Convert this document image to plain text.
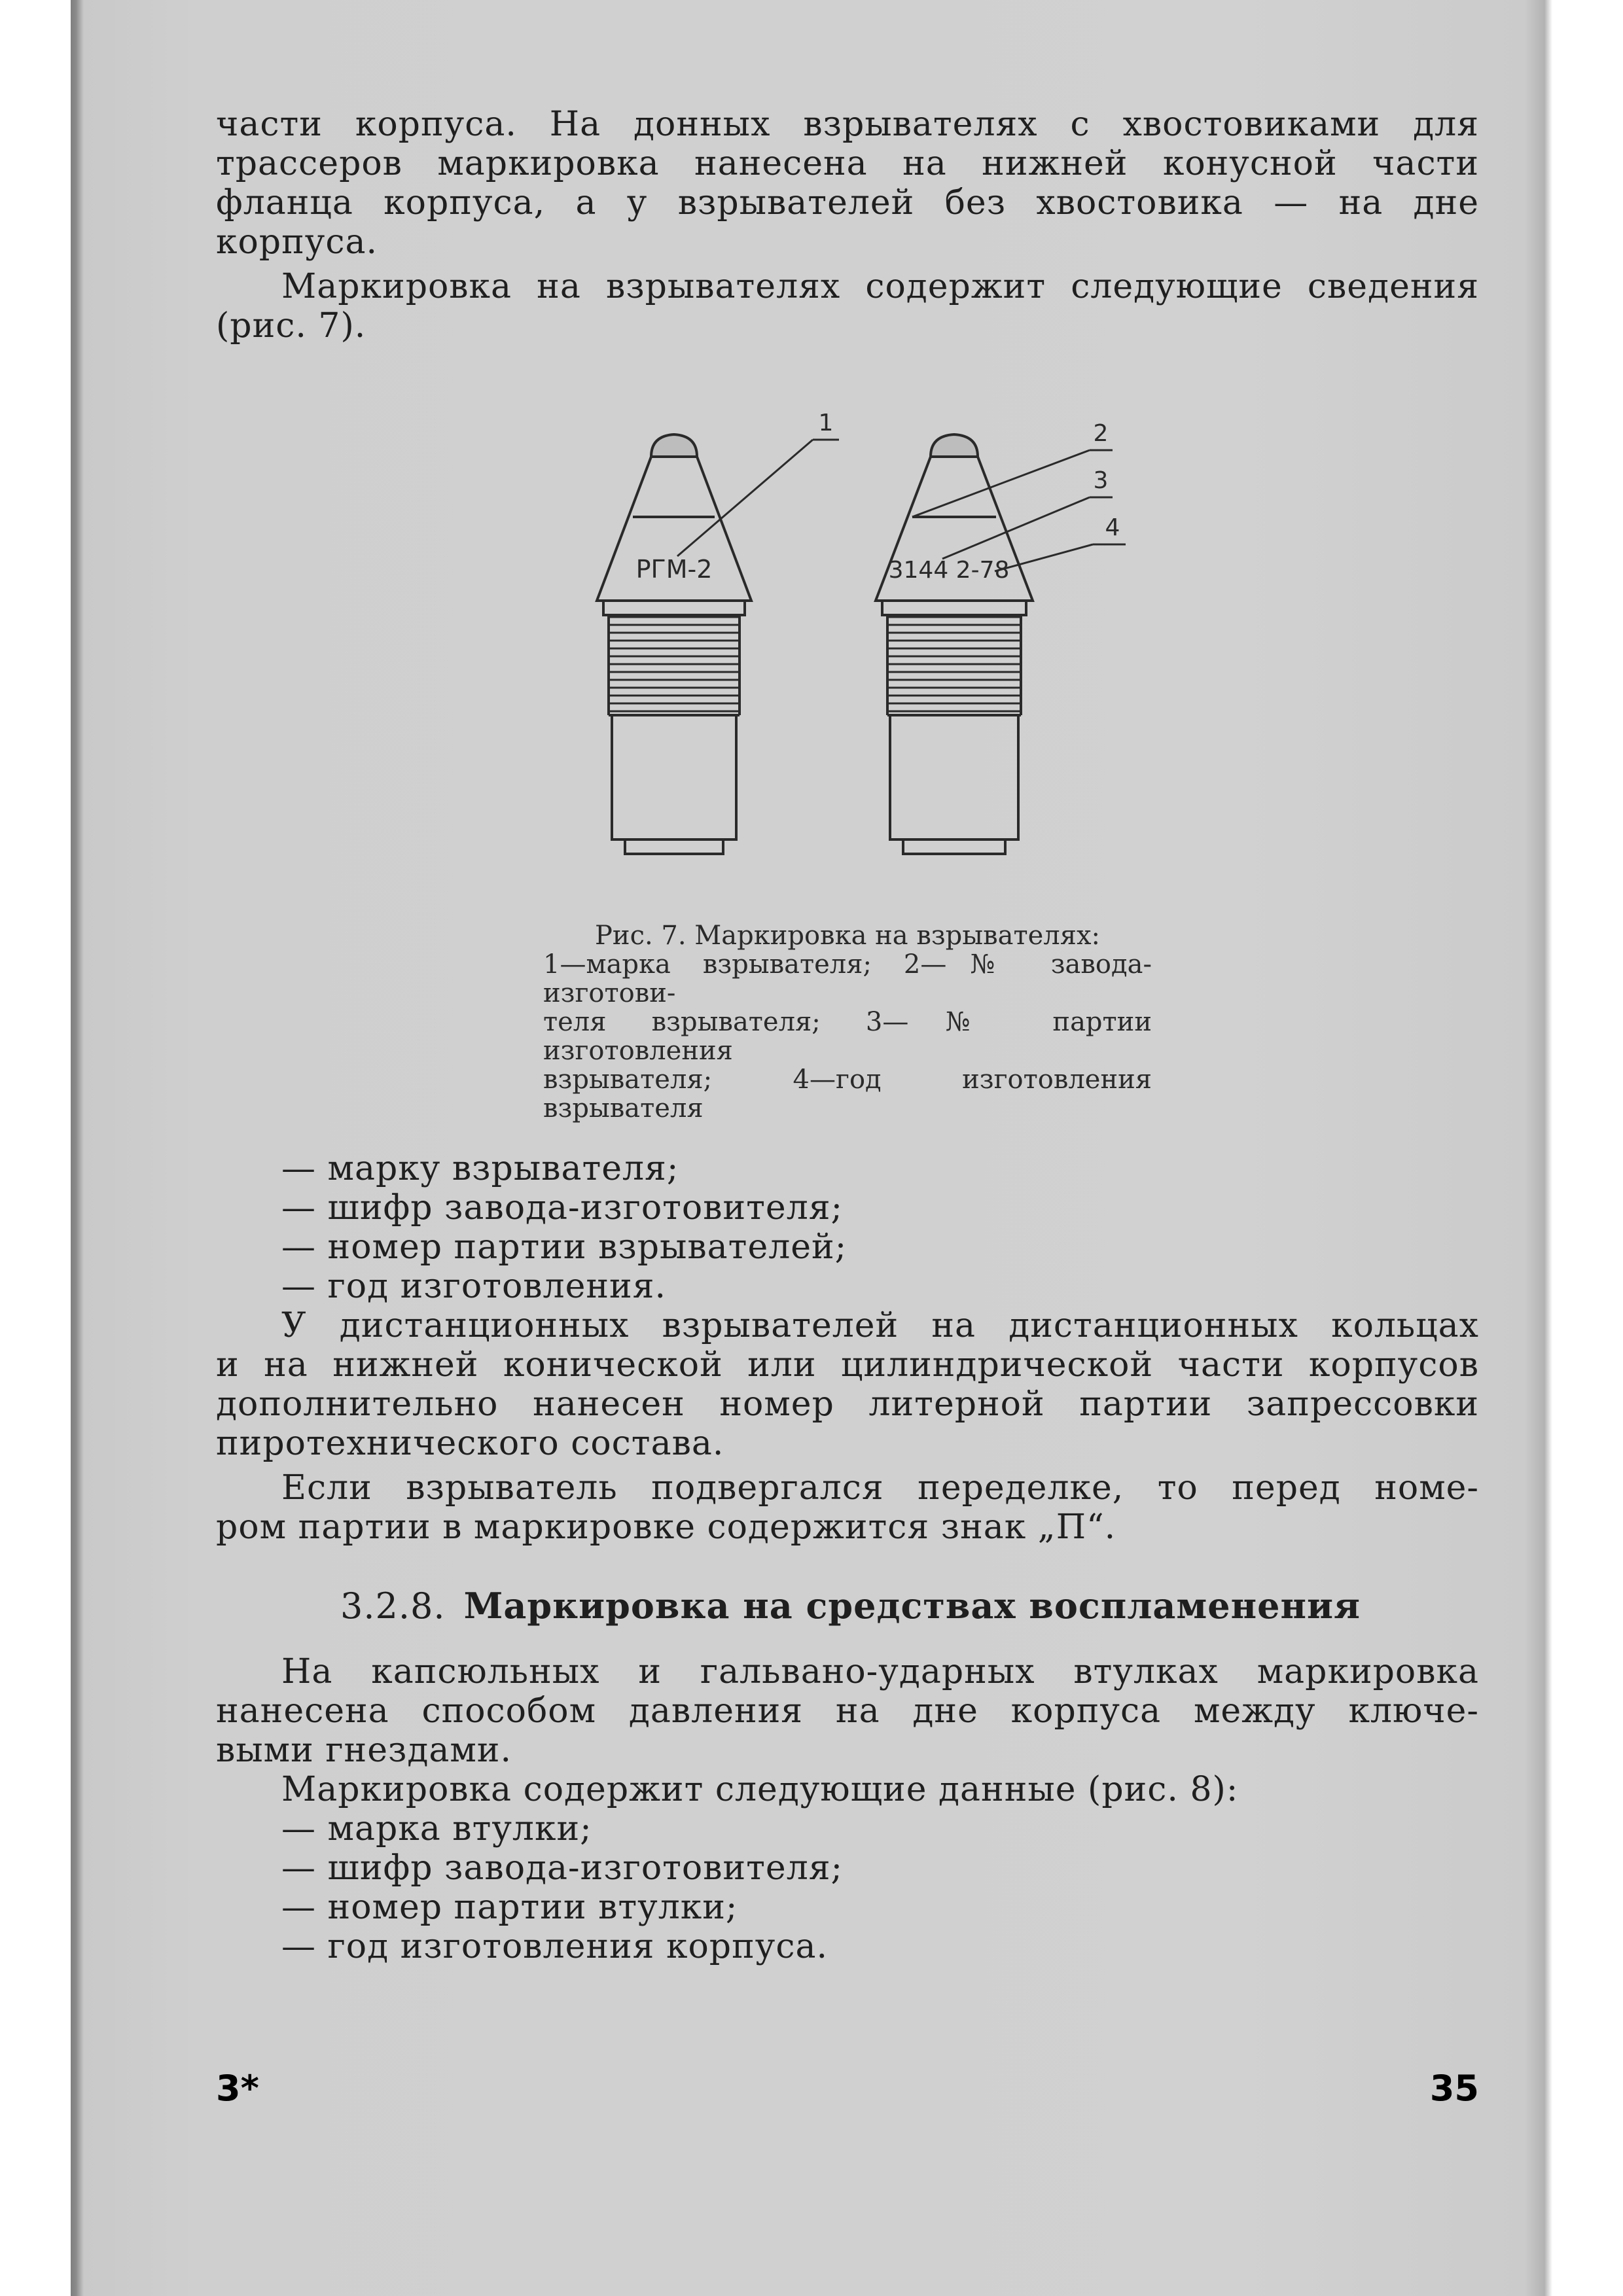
части корпуса. На донных взрывателях с хвостовиками для
трассеров маркировка нанесена на нижней конусной части
фланца корпуса, а у взрывателей без хвостовика — на дне
корпуса.
Маркировка на взрывателях содержит следующие сведения
(рис. 7).
РГМ-2
1
3144 2-78
2
3
4
Рис. 7. Маркировка на взрывателях:
1—марка взрывателя; 2—№ завода-изготови-
теля взрывателя; 3—№ партии изготовления
взрывателя; 4—год изготовления взрывателя
— марку взрывателя;
— шифр завода-изготовителя;
— номер партии взрывателей;
— год изготовления.
У дистанционных взрывателей на дистанционных кольцах
и на нижней конической или цилиндрической части корпусов
дополнительно нанесен номер литерной партии запрессовки
пиротехнического состава.
Если взрыватель подвергался переделке, то перед номе-
ром партии в маркировке содержится знак „П“.
3.2.8. Маркировка на средствах воспламенения
На капсюльных и гальвано-ударных втулках маркировка
нанесена способом давления на дне корпуса между ключе-
выми гнездами.
Маркировка содержит следующие данные (рис. 8):
— марка втулки;
— шифр завода-изготовителя;
— номер партии втулки;
— год изготовления корпуса.
3*	35
